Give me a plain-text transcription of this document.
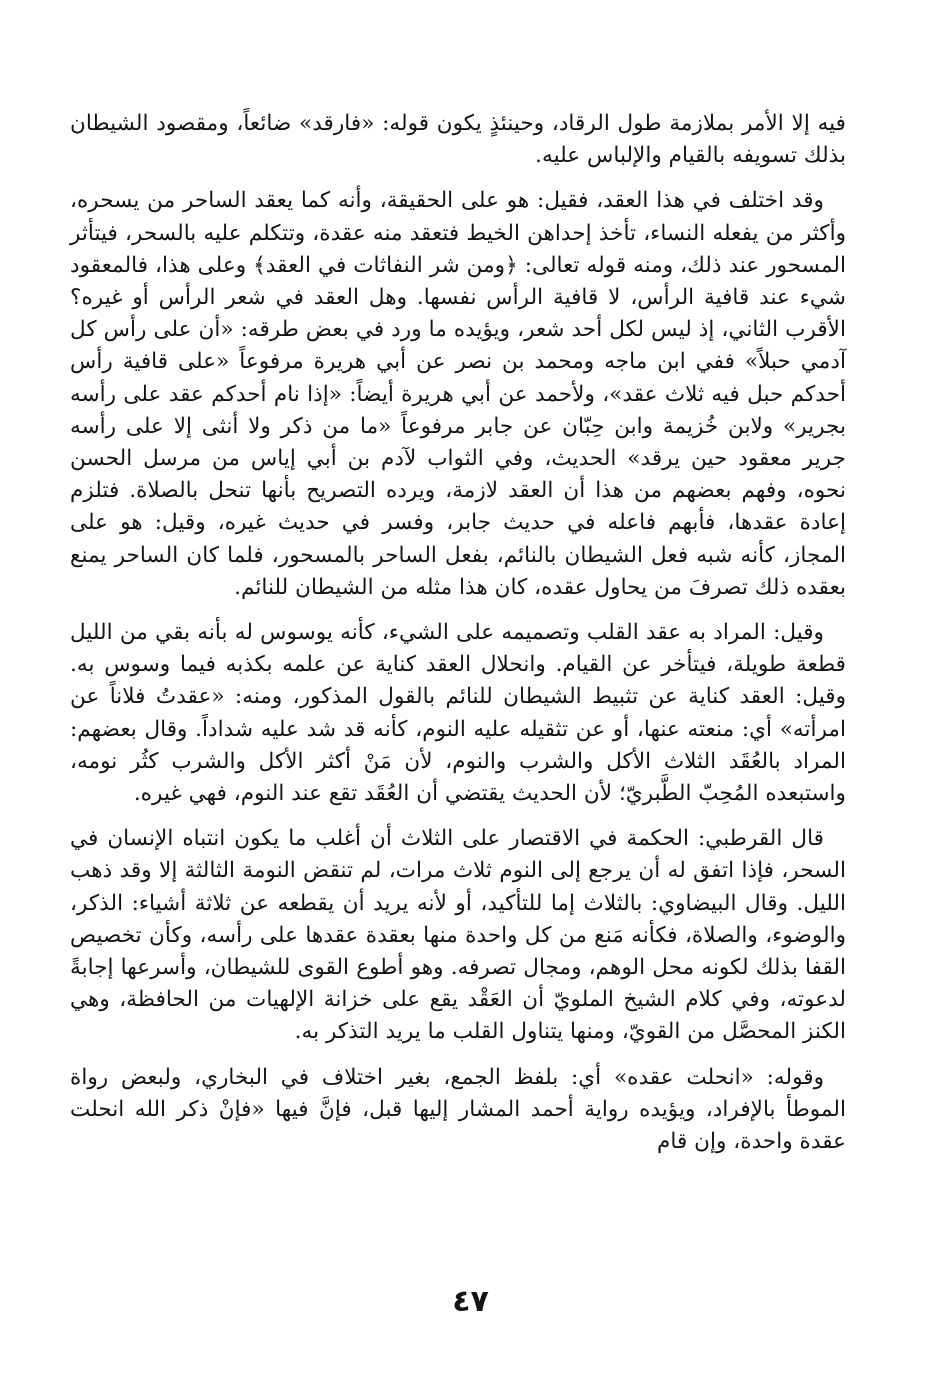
فيه إلا الأمر بملازمة طول الرقاد، وحينئذٍ يكون قوله: «فارقد» ضائعاً، ومقصود الشيطان بذلك تسويفه بالقيام والإلباس عليه.

وقد اختلف في هذا العقد، فقيل: هو على الحقيقة، وأنه كما يعقد الساحر من يسحره، وأكثر من يفعله النساء، تأخذ إحداهن الخيط فتعقد منه عقدة، وتتكلم عليه بالسحر، فيتأثر المسحور عند ذلك، ومنه قوله تعالى: ﴿ومن شر النفاثات في العقد﴾ وعلى هذا، فالمعقود شيء عند قافية الرأس، لا قافية الرأس نفسها. وهل العقد في شعر الرأس أو غيره؟ الأقرب الثاني، إذ ليس لكل أحد شعر، ويؤيده ما ورد في بعض طرقه: «أن على رأس كل آدمي حبلاً» ففي ابن ماجه ومحمد بن نصر عن أبي هريرة مرفوعاً «على قافية رأس أحدكم حبل فيه ثلاث عقد»، ولأحمد عن أبي هريرة أيضاً: «إذا نام أحدكم عقد على رأسه بجرير» ولابن خُزيمة وابن حِبّان عن جابر مرفوعاً «ما من ذكر ولا أنثى إلا على رأسه جرير معقود حين يرقد» الحديث، وفي الثواب لآدم بن أبي إياس من مرسل الحسن نحوه، وفهم بعضهم من هذا أن العقد لازمة، ويرده التصريح بأنها تنحل بالصلاة. فتلزم إعادة عقدها، فأبهم فاعله في حديث جابر، وفسر في حديث غيره، وقيل: هو على المجاز، كأنه شبه فعل الشيطان بالنائم، بفعل الساحر بالمسحور، فلما كان الساحر يمنع بعقده ذلك تصرفَ من يحاول عقده، كان هذا مثله من الشيطان للنائم.

وقيل: المراد به عقد القلب وتصميمه على الشيء، كأنه يوسوس له بأنه بقي من الليل قطعة طويلة، فيتأخر عن القيام. وانحلال العقد كناية عن علمه بكذبه فيما وسوس به. وقيل: العقد كناية عن تثبيط الشيطان للنائم بالقول المذكور، ومنه: «عقدتُ فلاناً عن امرأته» أي: منعته عنها، أو عن تثقيله عليه النوم، كأنه قد شد عليه شداداً. وقال بعضهم: المراد بالعُقَد الثلاث الأكل والشرب والنوم، لأن مَنْ أكثر الأكل والشرب كثُر نومه، واستبعده المُحِبّ الطَّبريّ؛ لأن الحديث يقتضي أن العُقَد تقع عند النوم، فهي غيره.

قال القرطبي: الحكمة في الاقتصار على الثلاث أن أغلب ما يكون انتباه الإنسان في السحر، فإذا اتفق له أن يرجع إلى النوم ثلاث مرات، لم تنقض النومة الثالثة إلا وقد ذهب الليل. وقال البيضاوي: بالثلاث إما للتأكيد، أو لأنه يريد أن يقطعه عن ثلاثة أشياء: الذكر، والوضوء، والصلاة، فكأنه مَنع من كل واحدة منها بعقدة عقدها على رأسه، وكأن تخصيص القفا بذلك لكونه محل الوهم، ومجال تصرفه. وهو أطوع القوى للشيطان، وأسرعها إجابةً لدعوته، وفي كلام الشيخ الملويّ أن العَقْد يقع على خزانة الإلهيات من الحافظة، وهي الكنز المحصَّل من القويّ، ومنها يتناول القلب ما يريد التذكر به.

وقوله: «انحلت عقده» أي: بلفظ الجمع، بغير اختلاف في البخاري، ولبعض رواة الموطأ بالإفراد، ويؤيده رواية أحمد المشار إليها قبل، فإنَّ فيها «فإنْ ذكر الله انحلت عقدة واحدة، وإن قام

٤٧
